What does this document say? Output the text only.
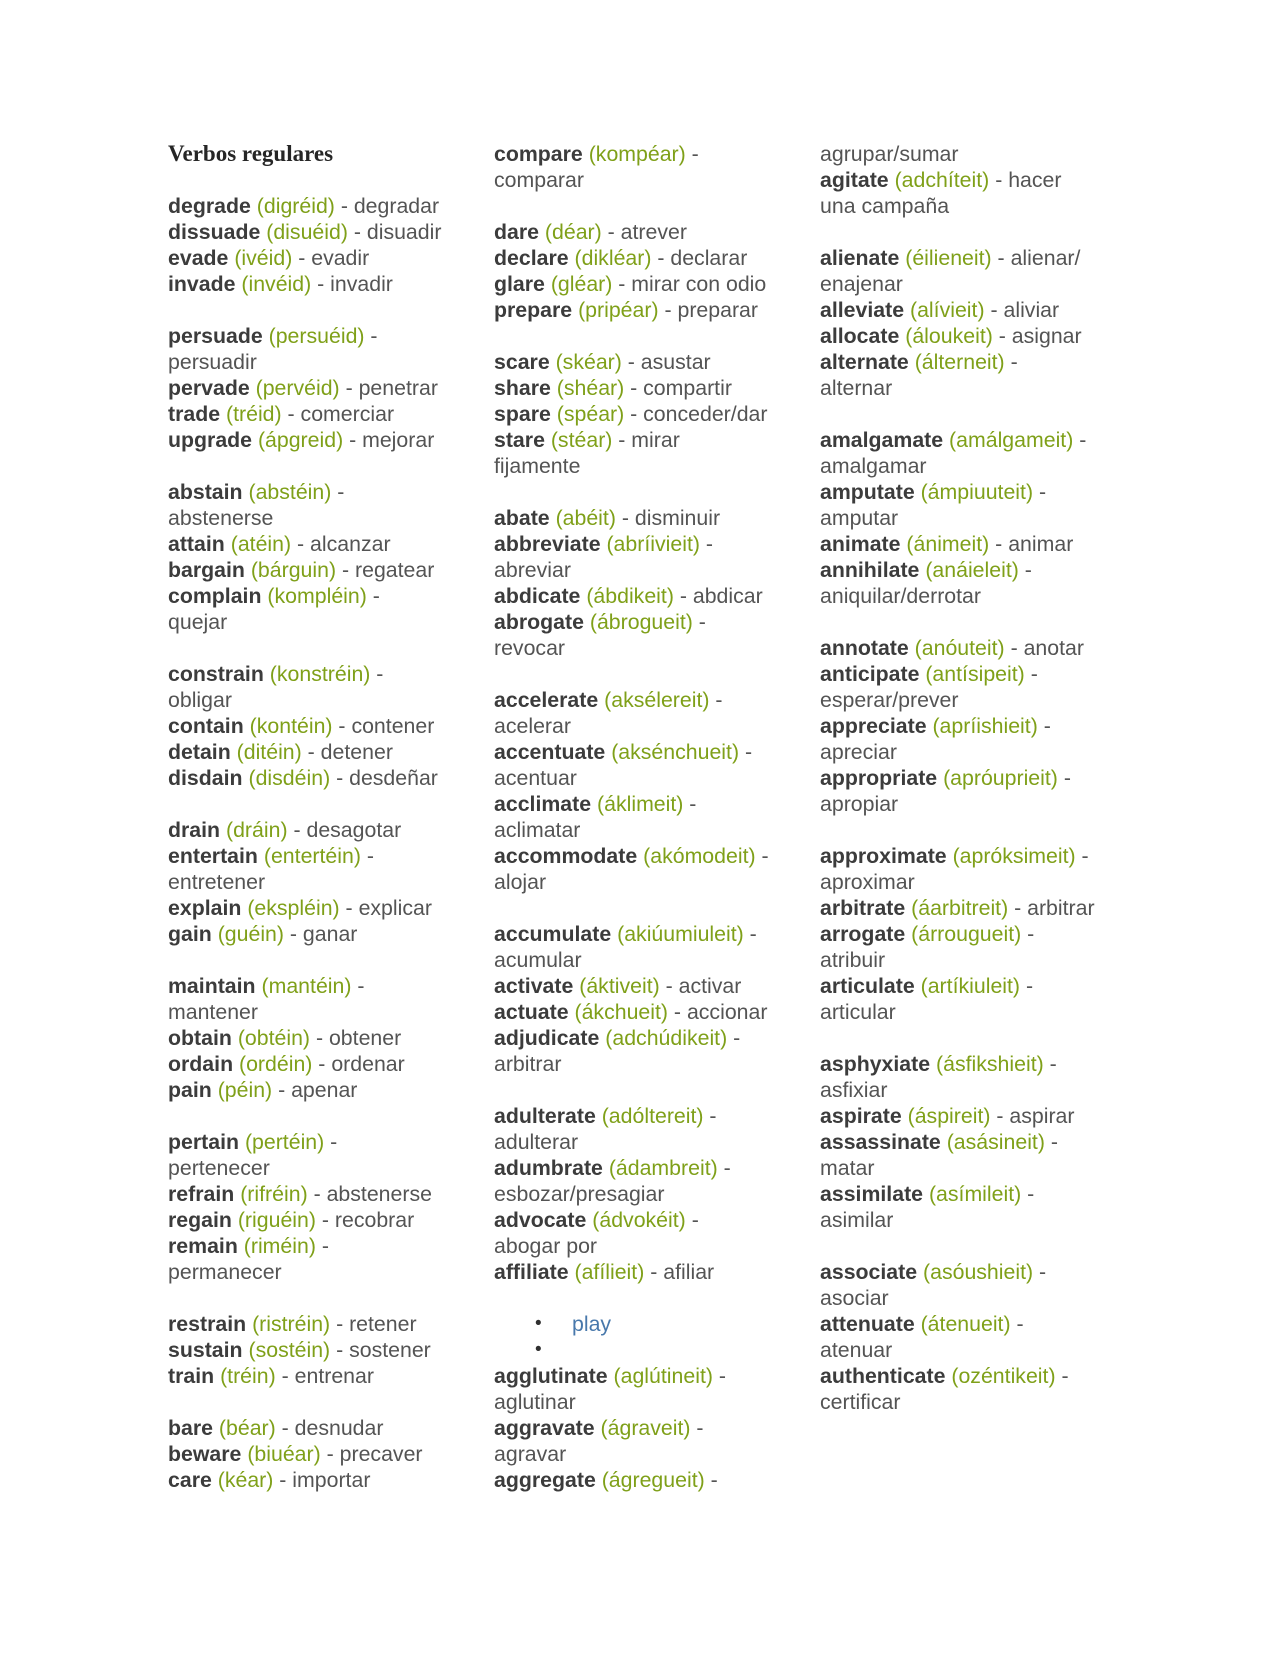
Verbos regulares

degrade (digréid) - degradar

dissuade (disuéid) - disuadir

evade (ivéid) - evadir

invade (invéid) - invadir

persuade (persuéid) - persuadir

pervade (pervéid) - penetrar

trade (tréid) - comerciar

upgrade (ápgreid) - mejorar

abstain (abstéin) - abstenerse

attain (atéin) - alcanzar

bargain (bárguin) - regatear

complain (kompléin) - quejar

constrain (konstréin) - obligar

contain (kontéin) - contener

detain (ditéin) - detener

disdain (disdéin) - desdeñar

drain (dráin) - desagotar

entertain (entertéin) - entretener

explain (ekspléin) - explicar

gain (guéin) - ganar

maintain (mantéin) - mantener

obtain (obtéin) - obtener

ordain (ordéin) - ordenar

pain (péin) - apenar

pertain (pertéin) - pertenecer

refrain (rifréin) - abstenerse

regain (riguéin) - recobrar

remain (riméin) - permanecer

restrain (ristréin) - retener

sustain (sostéin) - sostener

train (tréin) - entrenar

bare (béar) - desnudar

beware (biuéar) - precaver

care (kéar) - importar

compare (kompéar) - comparar

dare (déar) - atrever

declare (dikléar) - declarar

glare (gléar) - mirar con odio

prepare (pripéar) - preparar

scare (skéar) - asustar

share (shéar) - compartir

spare (spéar) - conceder/​dar

stare (stéar) - mirar fijamente

abate (abéit) - disminuir

abbreviate (abríivieit) - abreviar

abdicate (ábdikeit) - abdicar

abrogate (ábrogueit) - revocar

accelerate (aksélereit) - acelerar

accentuate (aksénchueit) - acentuar

acclimate (áklimeit) - aclimatar

accommodate (akómodeit) - alojar

accumulate (akiúumiuleit) - acumular

activate (áktiveit) - activar

actuate (ákchueit) - accionar

adjudicate (adchúdikeit) - arbitrar

adulterate (adóltereit) - adulterar

adumbrate (ádambreit) - esbozar/​presagiar

advocate (ádvokéit) - abogar por

affiliate (afílieit) - afiliar

• play
•

agglutinate (aglútineit) - aglutinar

aggravate (ágraveit) - agravar

aggregate (ágregueit) -

agrupar/​sumar

agitate (adchíteit) - hacer una campaña

alienate (éilieneit) - alienar/​enajenar

alleviate (alívieit) - aliviar

allocate (áloukeit) - asignar

alternate (álterneit) - alternar

amalgamate (amálgameit) - amalgamar

amputate (ámpiuuteit) - amputar

animate (ánimeit) - animar

annihilate (anáieleit) - aniquilar/​derrotar

annotate (anóuteit) - anotar

anticipate (antísipeit) - esperar/​prever

appreciate (apríishieit) - apreciar

appropriate (apróuprieit) - apropiar

approximate (apróksimeit) - aproximar

arbitrate (áarbitreit) - arbitrar

arrogate (árrougueit) - atribuir

articulate (artíkiuleit) - articular

asphyxiate (ásfikshieit) - asfixiar

aspirate (áspireit) - aspirar

assassinate (asásineit) - matar

assimilate (asímileit) - asimilar

associate (asóushieit) - asociar

attenuate (átenueit) - atenuar

authenticate (ozéntikeit) - certificar
